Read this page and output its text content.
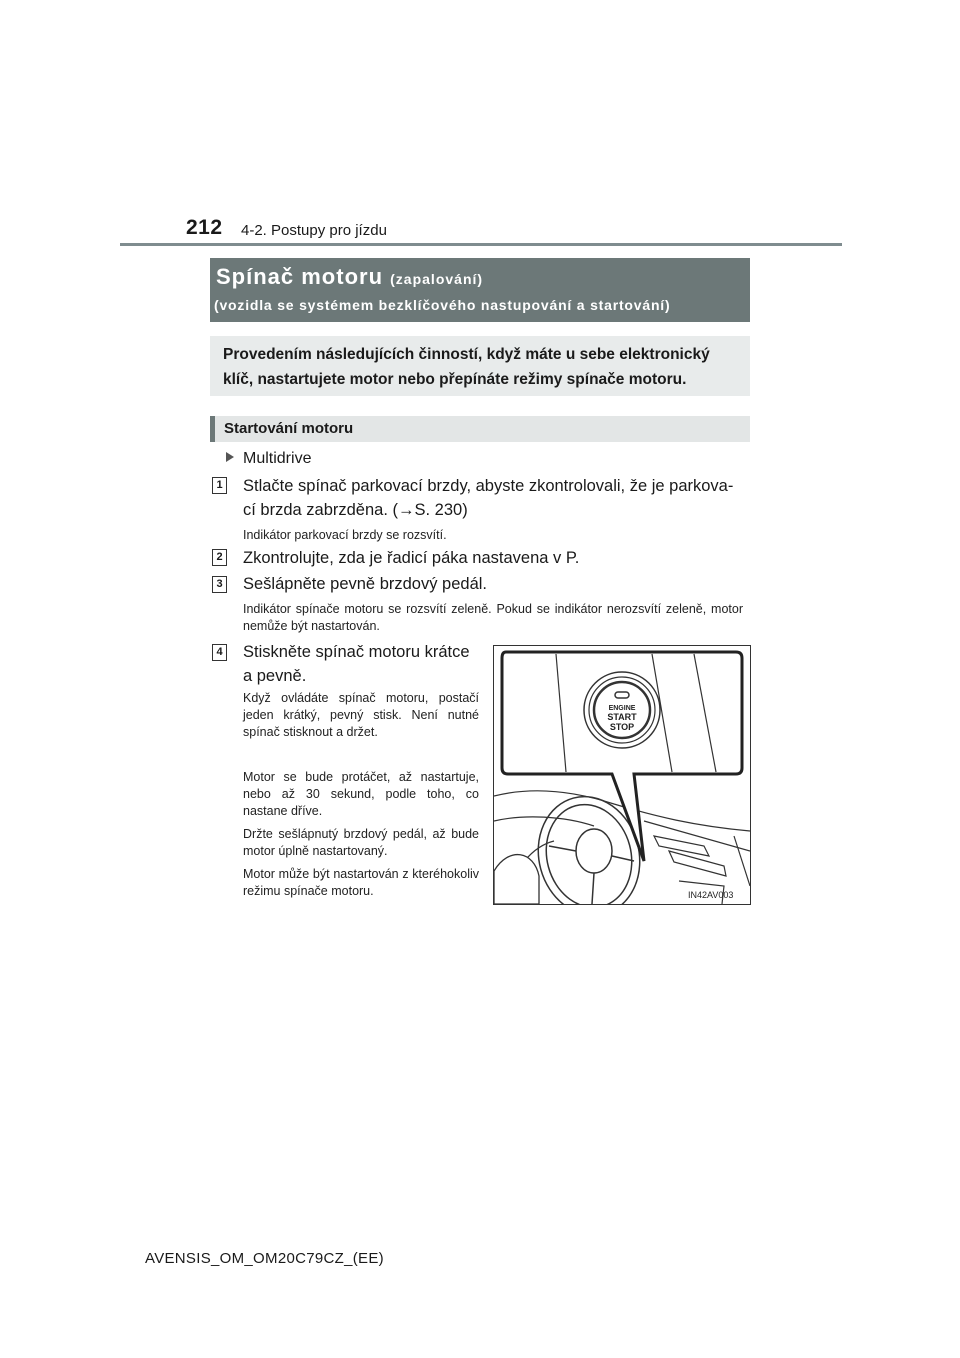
212 4-2. Postupy pro jízdu
Spínač motoru (zapalování)
(vozidla se systémem bezklíčového nastupování a startování)
Provedením následujících činností, když máte u sebe elektronický klíč, nastartujete motor nebo přepínáte režimy spínače motoru.
Startování motoru
Multidrive
1 Stlačte spínač parkovací brzdy, abyste zkontrolovali, že je parkova-
cí brzda zabrzděna. (→S. 230)
Indikátor parkovací brzdy se rozsvítí.
2 Zkontrolujte, zda je řadicí páka nastavena v P.
3 Sešlápněte pevně brzdový pedál.
Indikátor spínače motoru se rozsvítí zeleně. Pokud se indikátor nerozsvítí zeleně, motor nemůže být nastartován.
4 Stiskněte spínač motoru krátce
a pevně.
Když ovládáte spínač motoru, postačí jeden krátký, pevný stisk. Není nutné spínač stisknout a držet.
Motor se bude protáčet, až nastartuje, nebo až 30 sekund, podle toho, co nastane dříve.
Držte sešlápnutý brzdový pedál, až bude motor úplně nastartovaný.
Motor může být nastartován z kteréhokoliv režimu spínače motoru.
ENGINE
START
STOP
IN42AV003
AVENSIS_OM_OM20C79CZ_(EE)
